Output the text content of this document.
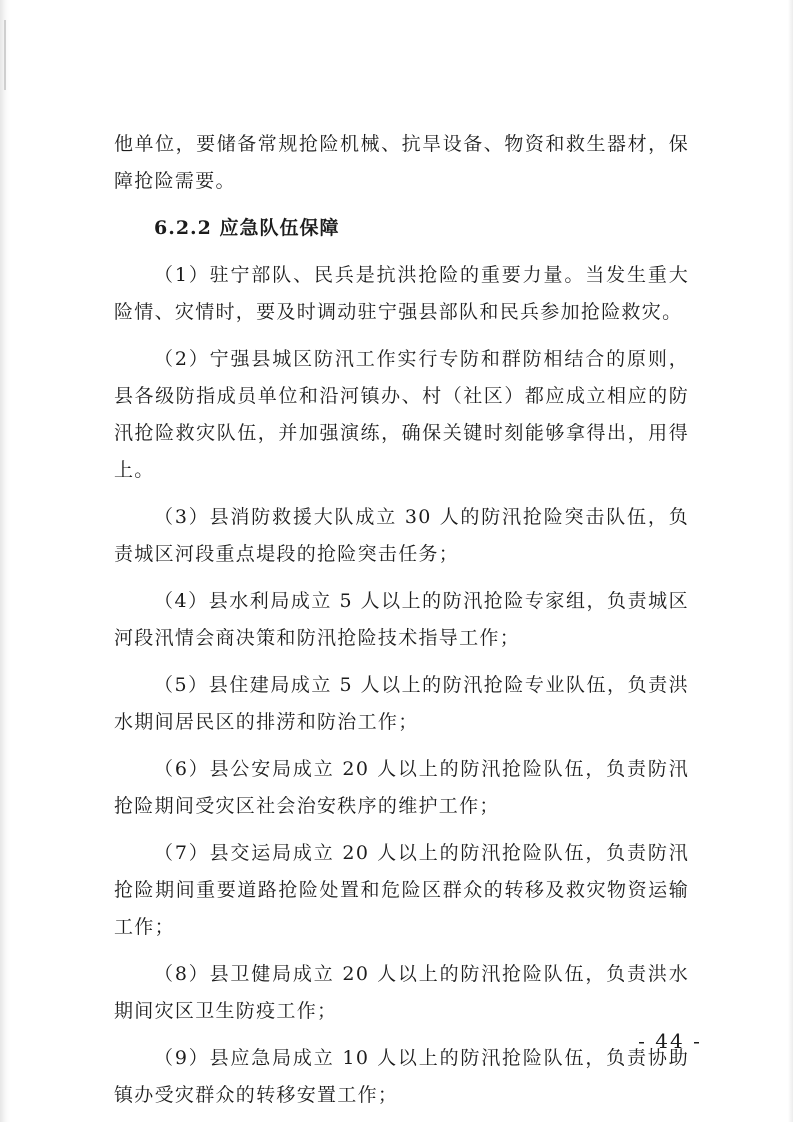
他单位，要储备常规抢险机械、抗旱设备、物资和救生器材，保障抢险需要。

6.2.2 应急队伍保障

（1）驻宁部队、民兵是抗洪抢险的重要力量。当发生重大险情、灾情时，要及时调动驻宁强县部队和民兵参加抢险救灾。

（2）宁强县城区防汛工作实行专防和群防相结合的原则，县各级防指成员单位和沿河镇办、村（社区）都应成立相应的防汛抢险救灾队伍，并加强演练，确保关键时刻能够拿得出，用得上。

（3）县消防救援大队成立 30 人的防汛抢险突击队伍，负责城区河段重点堤段的抢险突击任务；

（4）县水利局成立 5 人以上的防汛抢险专家组，负责城区河段汛情会商决策和防汛抢险技术指导工作；

（5）县住建局成立 5 人以上的防汛抢险专业队伍，负责洪水期间居民区的排涝和防治工作；

（6）县公安局成立 20 人以上的防汛抢险队伍，负责防汛抢险期间受灾区社会治安秩序的维护工作；

（7）县交运局成立 20 人以上的防汛抢险队伍，负责防汛抢险期间重要道路抢险处置和危险区群众的转移及救灾物资运输工作；

（8）县卫健局成立 20 人以上的防汛抢险队伍，负责洪水期间灾区卫生防疫工作；

（9）县应急局成立 10 人以上的防汛抢险队伍，负责协助镇办受灾群众的转移安置工作；

- 44 -
